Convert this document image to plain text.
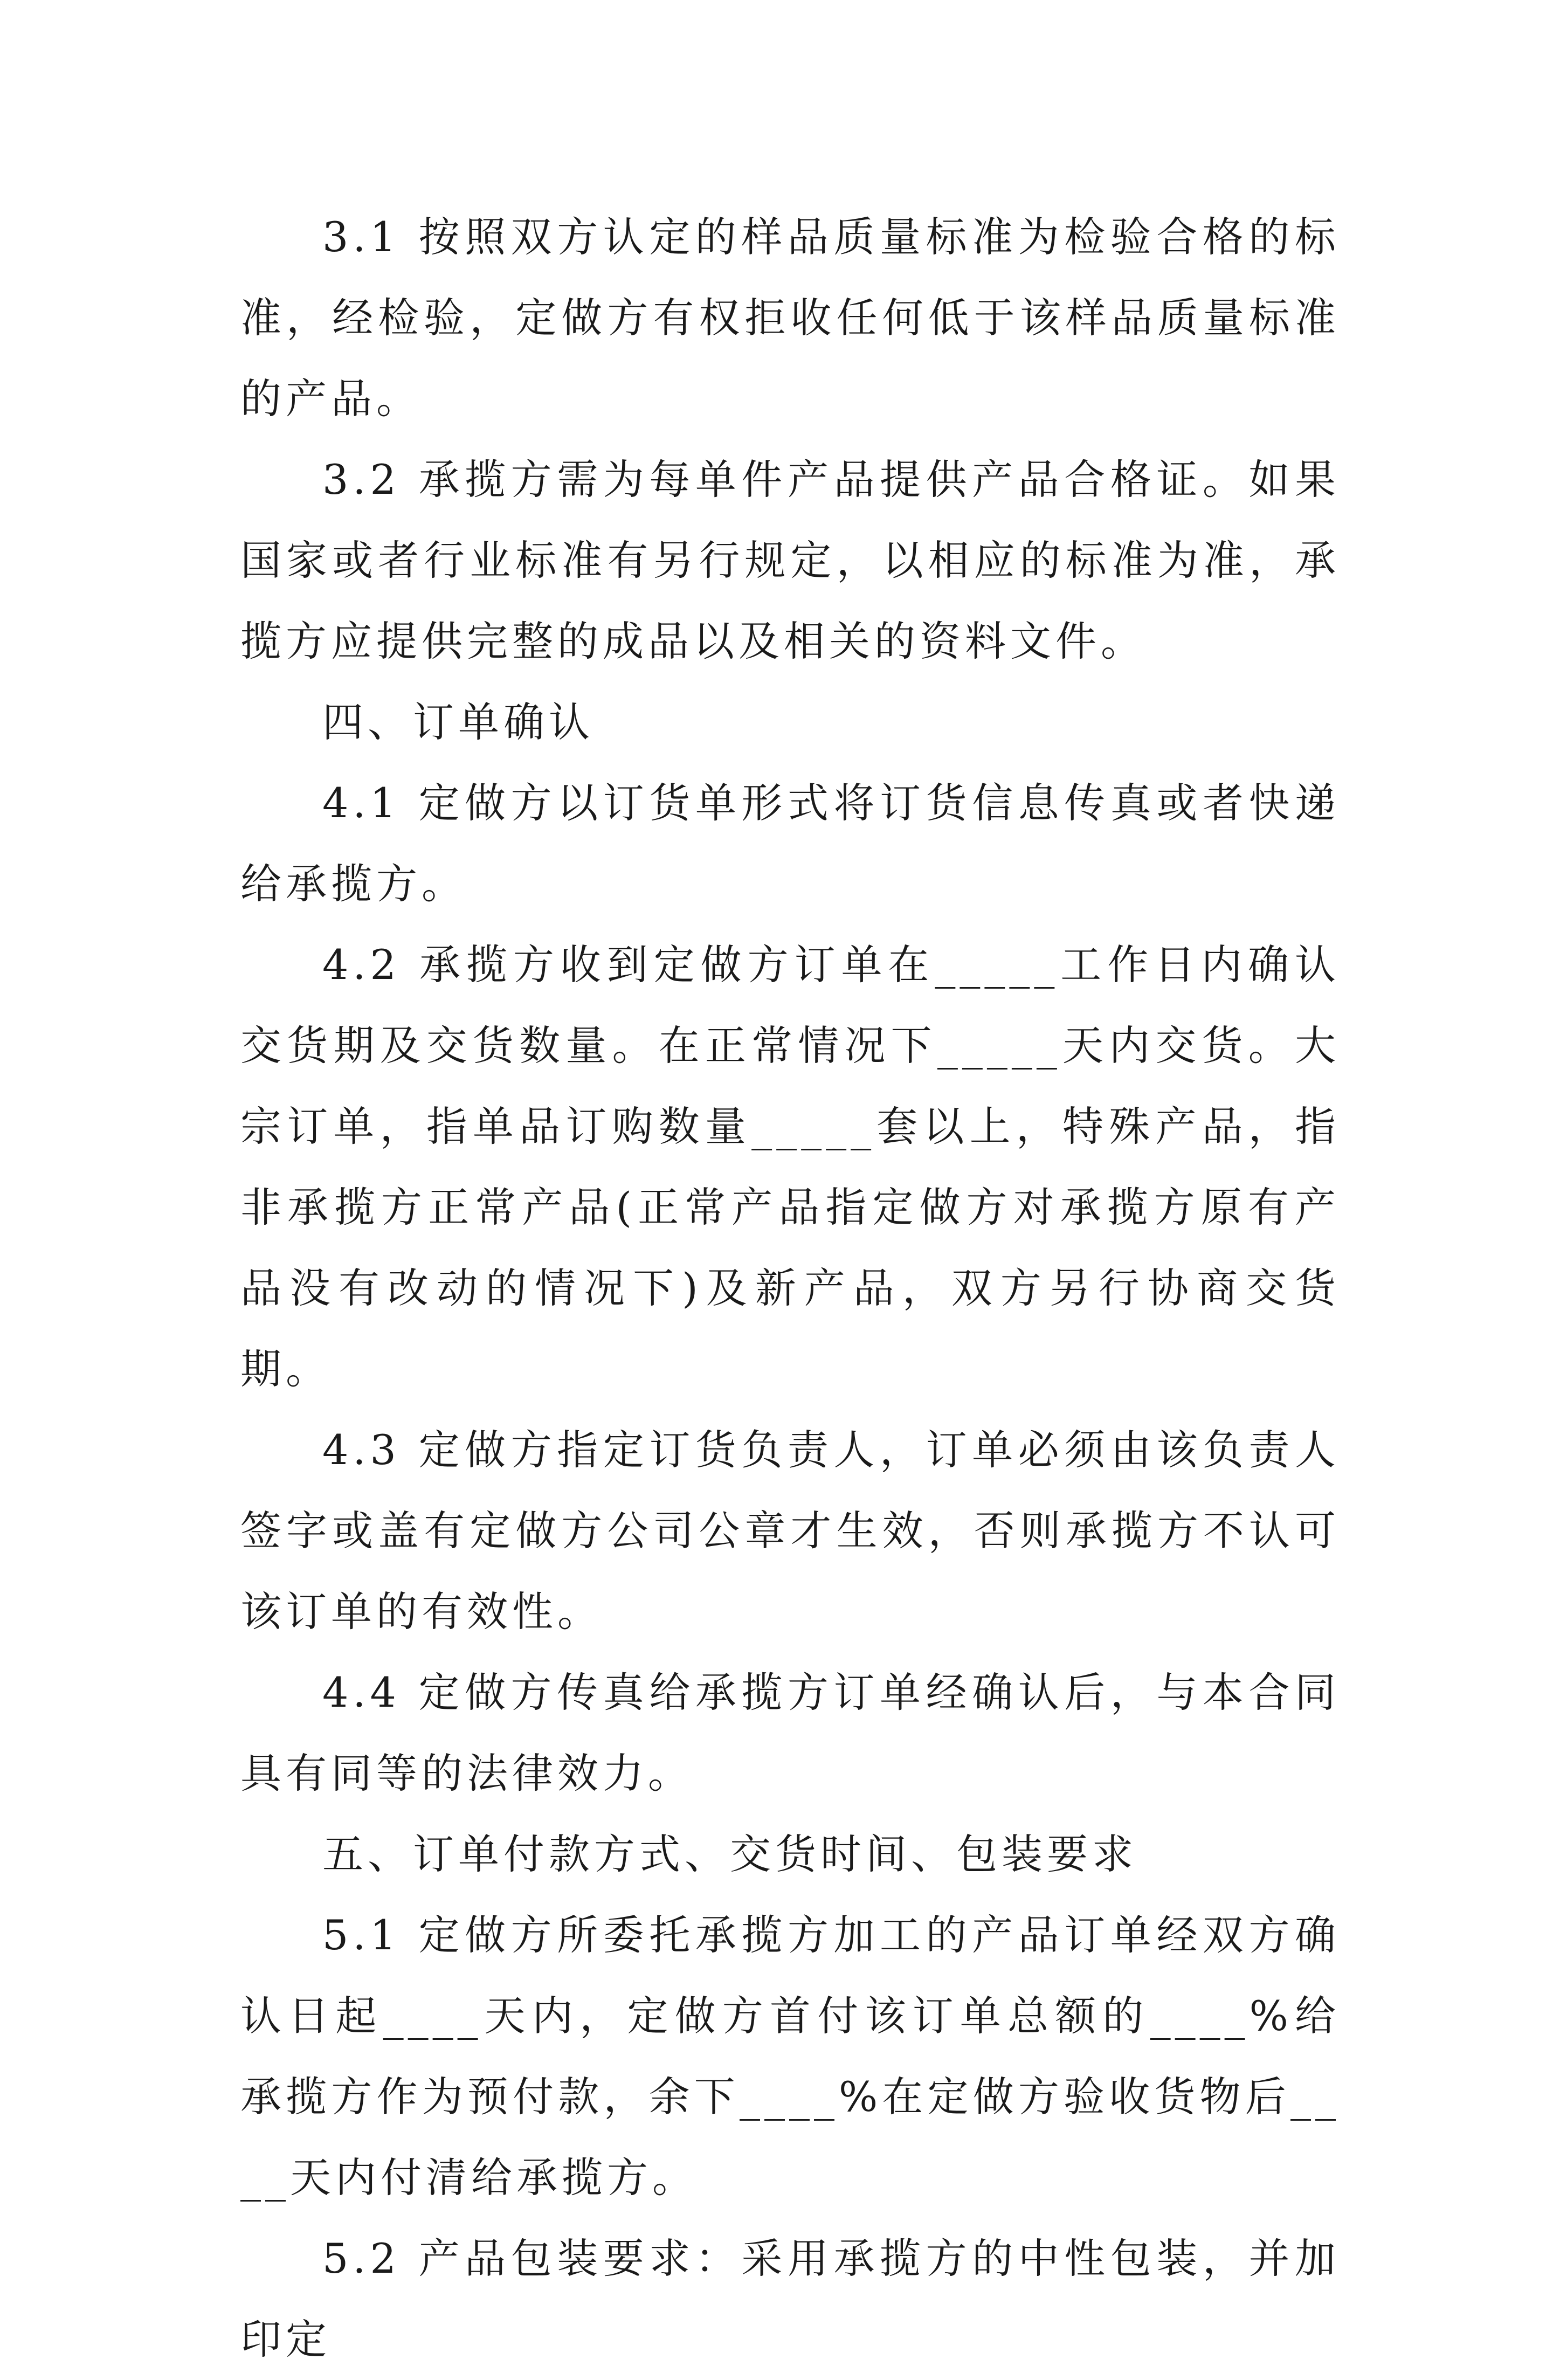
3.1 按照双方认定的样品质量标准为检验合格的标准，经检验，定做方有权拒收任何低于该样品质量标准的产品。

3.2 承揽方需为每单件产品提供产品合格证。如果国家或者行业标准有另行规定，以相应的标准为准，承揽方应提供完整的成品以及相关的资料文件。

四、订单确认

4.1 定做方以订货单形式将订货信息传真或者快递给承揽方。

4.2 承揽方收到定做方订单在_____工作日内确认交货期及交货数量。在正常情况下_____天内交货。大宗订单，指单品订购数量_____套以上，特殊产品，指非承揽方正常产品(正常产品指定做方对承揽方原有产品没有改动的情况下)及新产品，双方另行协商交货期。

4.3 定做方指定订货负责人，订单必须由该负责人签字或盖有定做方公司公章才生效，否则承揽方不认可该订单的有效性。

4.4 定做方传真给承揽方订单经确认后，与本合同具有同等的法律效力。

五、订单付款方式、交货时间、包装要求

5.1 定做方所委托承揽方加工的产品订单经双方确认日起____天内，定做方首付该订单总额的____%给承揽方作为预付款，余下____%在定做方验收货物后____天内付清给承揽方。

5.2 产品包装要求：采用承揽方的中性包装，并加印定
